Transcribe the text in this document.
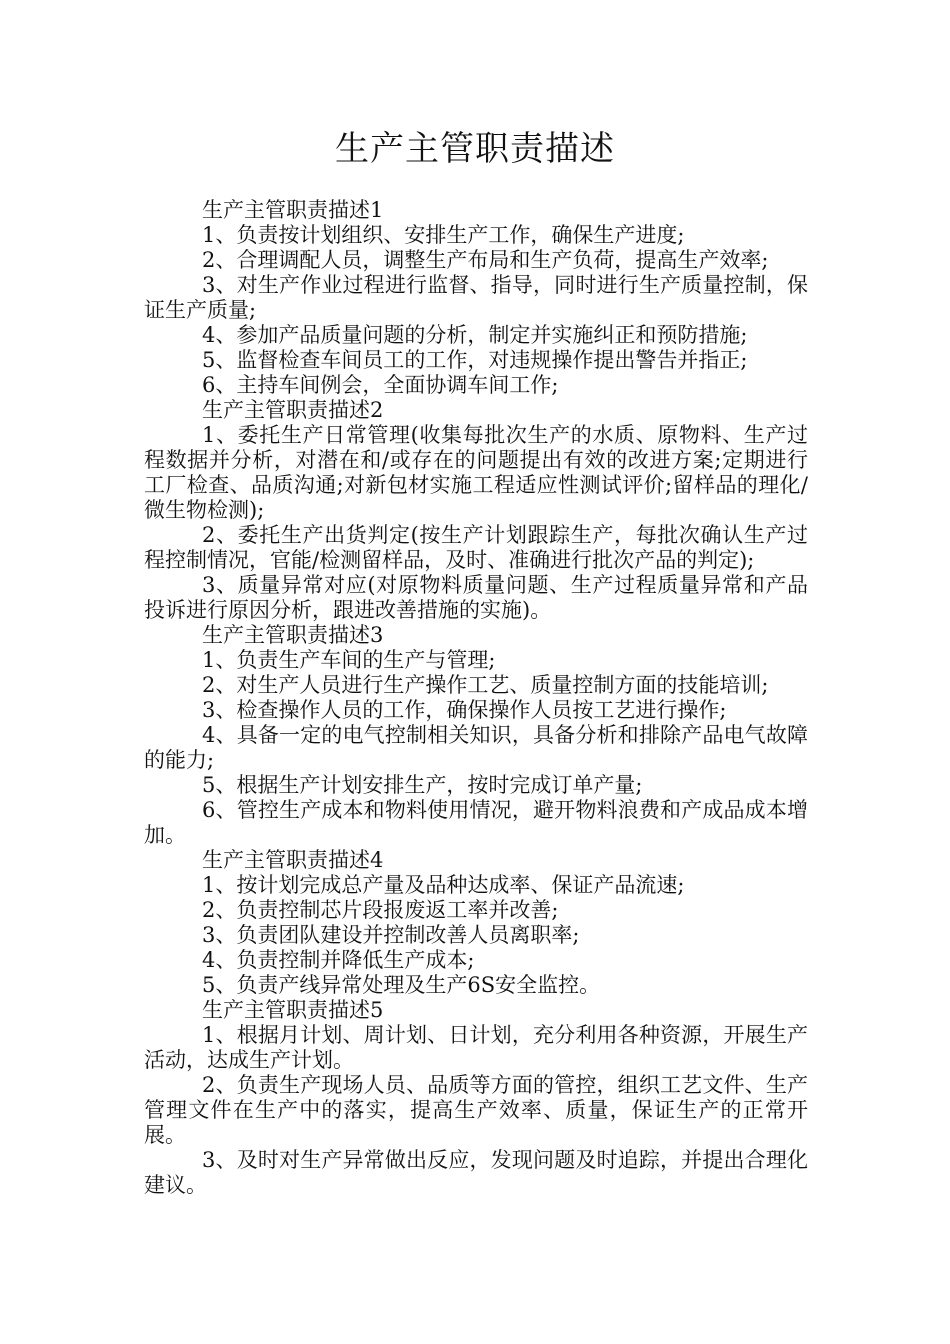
生产主管职责描述

生产主管职责描述1

1、负责按计划组织、安排生产工作，确保生产进度;

2、合理调配人员，调整生产布局和生产负荷，提高生产效率;

3、对生产作业过程进行监督、指导，同时进行生产质量控制，保证生产质量;

4、参加产品质量问题的分析，制定并实施纠正和预防措施;

5、监督检查车间员工的工作，对违规操作提出警告并指正;

6、主持车间例会，全面协调车间工作;

生产主管职责描述2

1、委托生产日常管理(收集每批次生产的水质、原物料、生产过程数据并分析，对潜在和/或存在的问题提出有效的改进方案;定期进行工厂检查、品质沟通;对新包材实施工程适应性测试评价;留样品的理化/微生物检测);

2、委托生产出货判定(按生产计划跟踪生产，每批次确认生产过程控制情况，官能/检测留样品，及时、准确进行批次产品的判定);

3、质量异常对应(对原物料质量问题、生产过程质量异常和产品投诉进行原因分析，跟进改善措施的实施)。

生产主管职责描述3

1、负责生产车间的生产与管理;

2、对生产人员进行生产操作工艺、质量控制方面的技能培训;

3、检查操作人员的工作，确保操作人员按工艺进行操作;

4、具备一定的电气控制相关知识，具备分析和排除产品电气故障的能力;

5、根据生产计划安排生产，按时完成订单产量;

6、管控生产成本和物料使用情况，避开物料浪费和产成品成本增加。

生产主管职责描述4

1、按计划完成总产量及品种达成率、保证产品流速;

2、负责控制芯片段报废返工率并改善;

3、负责团队建设并控制改善人员离职率;

4、负责控制并降低生产成本;

5、负责产线异常处理及生产6S安全监控。

生产主管职责描述5

1、根据月计划、周计划、日计划，充分利用各种资源，开展生产活动，达成生产计划。

2、负责生产现场人员、品质等方面的管控，组织工艺文件、生产管理文件在生产中的落实，提高生产效率、质量，保证生产的正常开展。

3、及时对生产异常做出反应，发现问题及时追踪，并提出合理化建议。
